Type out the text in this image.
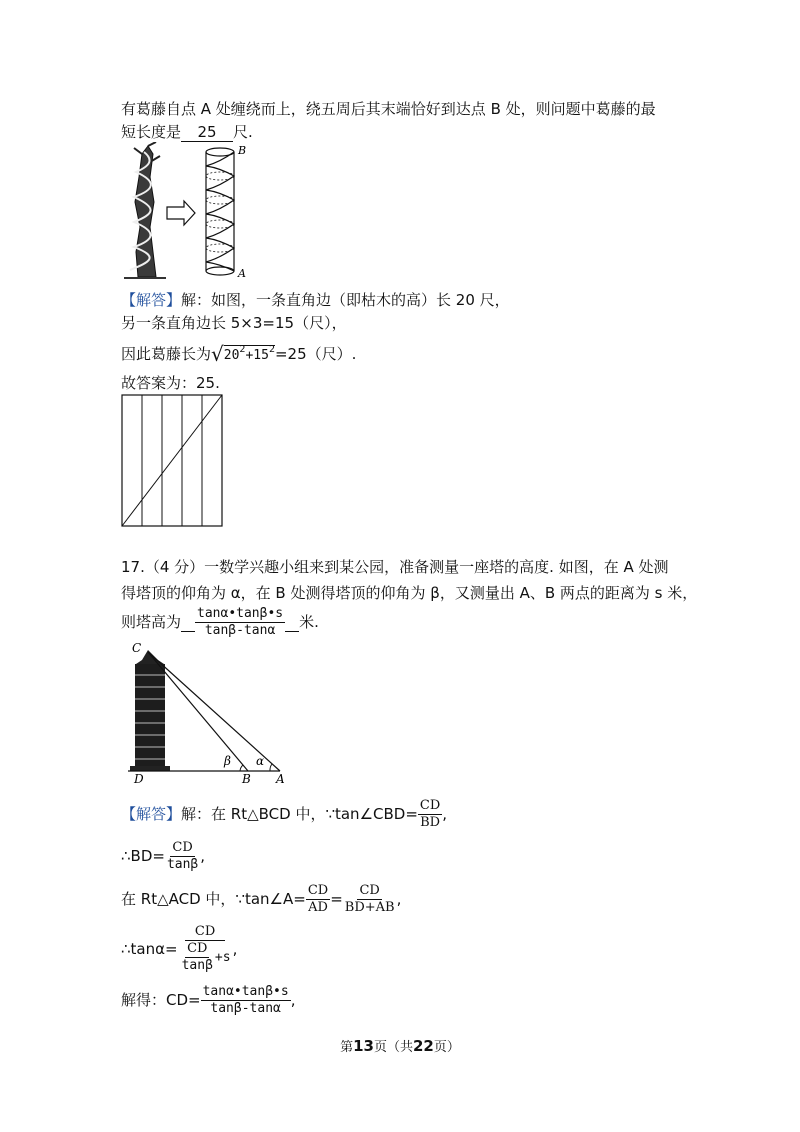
有葛藤自点 A 处缠绕而上，绕五周后其末端恰好到达点 B 处，则问题中葛藤的最
短长度是 25 尺.
B
A
【解答】解：如图，一条直角边（即枯木的高）长 20 尺，
另一条直角边长 5×3=15（尺），
因此葛藤长为$√20^2+15^2=25$（尺）.
故答案为：25.
17.（4 分）一数学兴趣小组来到某公园，准备测量一座塔的高度. 如图，在 A 处测
得塔顶的仰角为 α，在 B 处测得塔顶的仰角为 β，又测量出 A、B 两点的距离为 s 米，
则塔高为 $\frac{\tan\alpha•\tan\beta•s}{\tan\beta-\tan\alpha}$ 米.
C
D	B A
β α
【解答】解：在 Rt△BCD 中，∵tan∠CBD= $\frac{CD}{BD}$ ,
∴BD= $\frac{CD}{\tan\beta}$ ,
在 Rt△ACD 中，∵tan∠A= $\frac{CD}{AD} = \frac{CD}{BD+AB}$ ,
∴tanα= $\frac{CD}{\frac{CD}{\tan\beta} +s}$ ,
解得：$CD= \frac{\tan\alpha•\tan\beta•s}{\tan\beta-\tan\alpha}$ ,
第13页（共22页）
